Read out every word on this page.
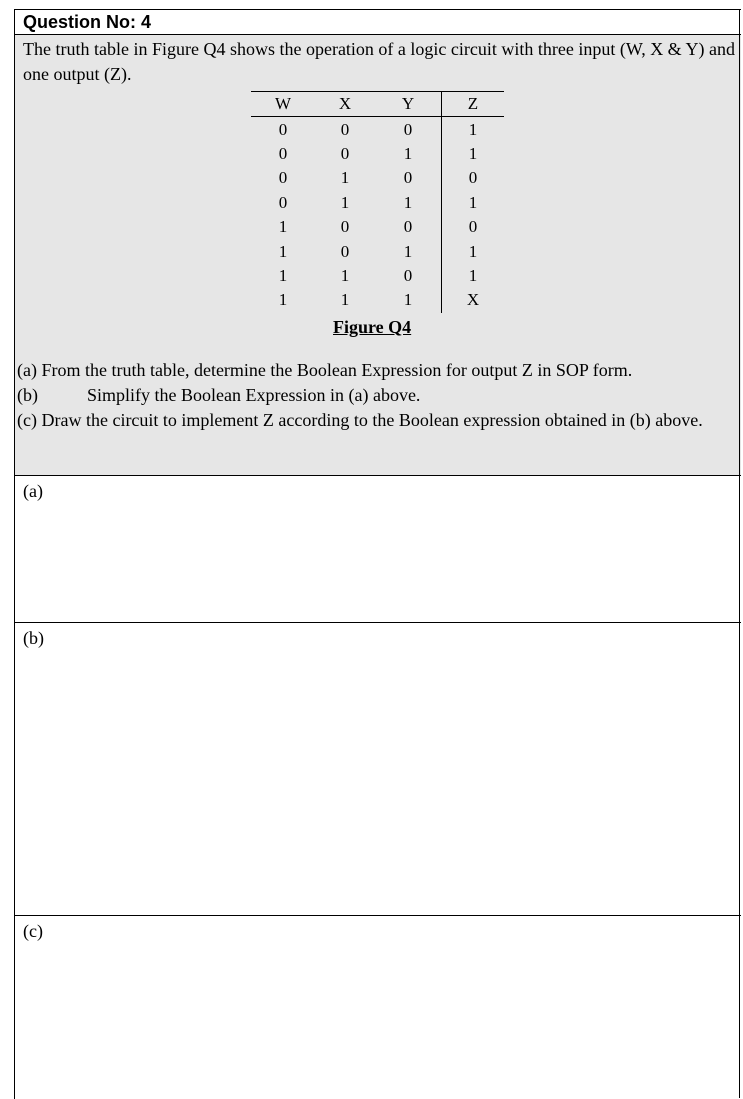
Question No: 4
The truth table in Figure Q4 shows the operation of a logic circuit with three input (W, X & Y) and one output (Z).
W	X	Y	Z
0	0	0	1
0	0	1	1
0	1	0	0
0	1	1	1
1	0	0	0
1	0	1	1
1	1	0	1
1	1	1	X
Figure Q4

(a) From the truth table, determine the Boolean Expression for output Z in SOP form.

(b)	Simplify the Boolean Expression in (a) above.

(c) Draw the circuit to implement Z according to the Boolean expression obtained in (b) above.

(a)
(b)
(c)
